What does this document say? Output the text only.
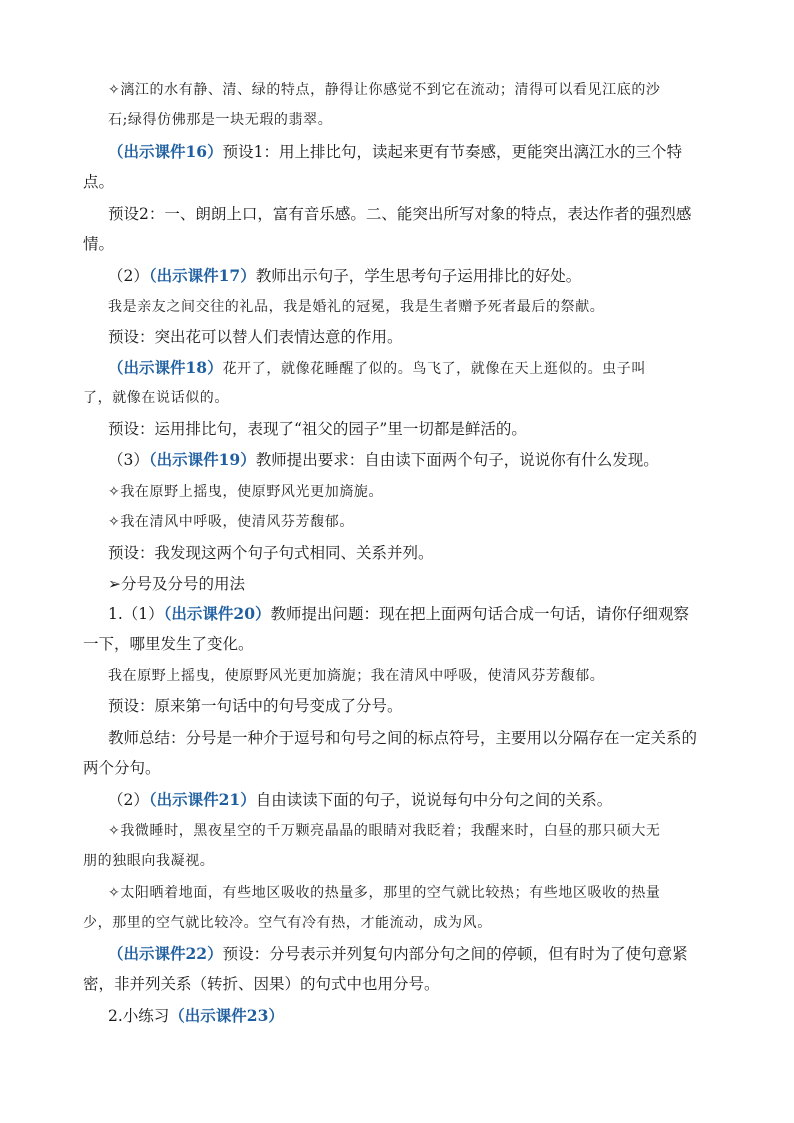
✧漓江的水有静、清、绿的特点，静得让你感觉不到它在流动；清得可以看见江底的沙
石;绿得仿佛那是一块无瑕的翡翠。
（出示课件16）预设1：用上排比句，读起来更有节奏感，更能突出漓江水的三个特
点。
预设2：一、朗朗上口，富有音乐感。二、能突出所写对象的特点，表达作者的强烈感
情。
（2）（出示课件17）教师出示句子，学生思考句子运用排比的好处。
我是亲友之间交往的礼品，我是婚礼的冠冕，我是生者赠予死者最后的祭献。
预设：突出花可以替人们表情达意的作用。
（出示课件18）花开了，就像花睡醒了似的。鸟飞了，就像在天上逛似的。虫子叫
了，就像在说话似的。
预设：运用排比句，表现了“祖父的园子”里一切都是鲜活的。
（3）（出示课件19）教师提出要求：自由读下面两个句子，说说你有什么发现。
✧我在原野上摇曳，使原野风光更加旖旎。
✧我在清风中呼吸，使清风芬芳馥郁。
预设：我发现这两个句子句式相同、关系并列。
➢分号及分号的用法
1.（1）（出示课件20）教师提出问题：现在把上面两句话合成一句话，请你仔细观察
一下，哪里发生了变化。
我在原野上摇曳，使原野风光更加旖旎；我在清风中呼吸，使清风芬芳馥郁。
预设：原来第一句话中的句号变成了分号。
教师总结：分号是一种介于逗号和句号之间的标点符号，主要用以分隔存在一定关系的
两个分句。
（2）（出示课件21）自由读读下面的句子，说说每句中分句之间的关系。
✧我微睡时，黑夜星空的千万颗亮晶晶的眼睛对我眨着；我醒来时，白昼的那只硕大无
朋的独眼向我凝视。
✧太阳晒着地面，有些地区吸收的热量多，那里的空气就比较热；有些地区吸收的热量
少，那里的空气就比较冷。空气有冷有热，才能流动，成为风。
（出示课件22）预设：分号表示并列复句内部分句之间的停顿，但有时为了使句意紧
密，非并列关系（转折、因果）的句式中也用分号。
2.小练习（出示课件23）
